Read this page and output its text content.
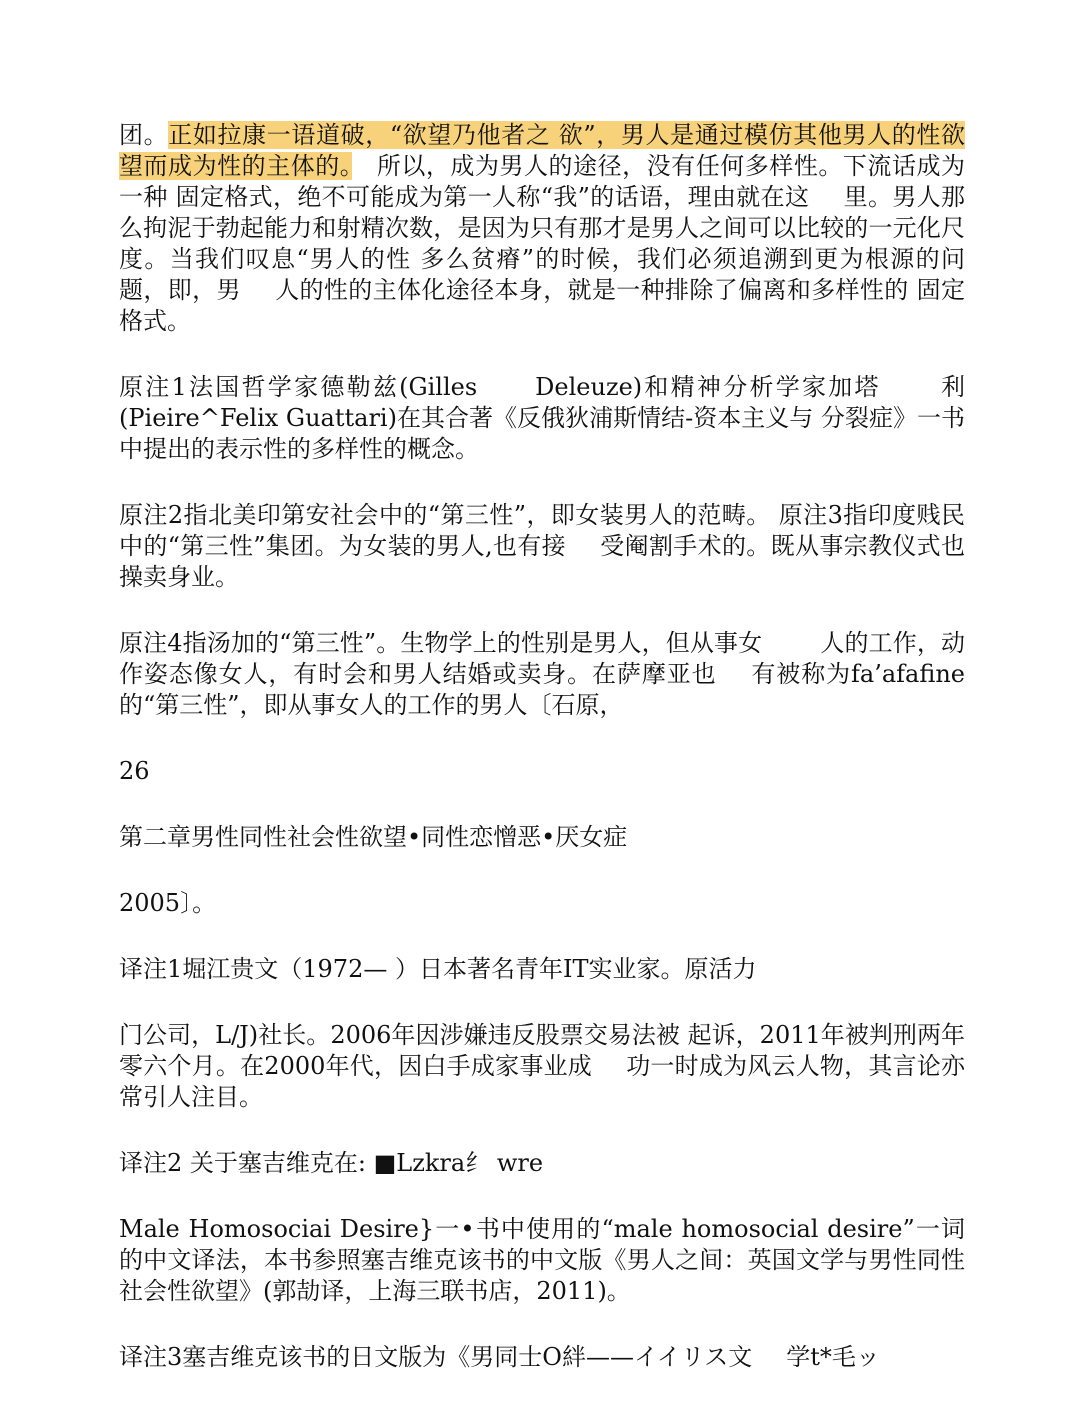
团。正如拉康一语道破，“欲望乃他者之 欲”，男人是通过模仿其他男人的性欲望而成为性的主体的。　所以，成为男人的途径，没有任何多样性。下流话成为一种 固定格式，绝不可能成为第一人称“我”的话语，理由就在这 里。男人那么拘泥于勃起能力和射精次数，是因为只有那才是男人之间可以比较的一元化尺度。当我们叹息“男人的性 多么贫瘠”的时候，我们必须追溯到更为根源的问题，即，男 人的性的主体化途径本身，就是一种排除了偏离和多样性的 固定格式。

原注1法国哲学家德勒兹(Gilles Deleuze)和精神分析学家加塔 利(Pieire^Felix Guattari)在其合著《反俄狄浦斯情结-资本主义与 分裂症》一书中提出的表示性的多样性的概念。

原注2指北美印第安社会中的“第三性”，即女装男人的范畴。 原注3指印度贱民中的“第三性”集团。为女装的男人,也有接 受阉割手术的。既从事宗教仪式也操卖身业。

原注4指汤加的“第三性”。生物学上的性别是男人，但从事女 人的工作，动作姿态像女人，有时会和男人结婚或卖身。在萨摩亚也 有被称为fa’afafine的“第三性”，即从事女人的工作的男人〔石原，

26

第二章男性同性社会性欲望•同性恋憎恶•厌女症

2005〕。

译注1堀江贵文（1972— ）日本著名青年IT实业家。原活力

门公司，L/J)社长。2006年因涉嫌违反股票交易法被 起诉，2011年被判刑两年零六个月。在2000年代，因白手成家事业成 功一时成为风云人物，其言论亦常引人注目。

译注2 关于塞吉维克在: ■Lzkra纟 wre

Male Homosociai Desire}一•书中使用的“male homosocial desire”一词 的中文译法，本书参照塞吉维克该书的中文版《男人之间：英国文学与男性同性社会性欲望》(郭劼译，上海三联书店，2011)。

译注3塞吉维克该书的日文版为《男同士O絆——イイリス文 学t*毛ッ
